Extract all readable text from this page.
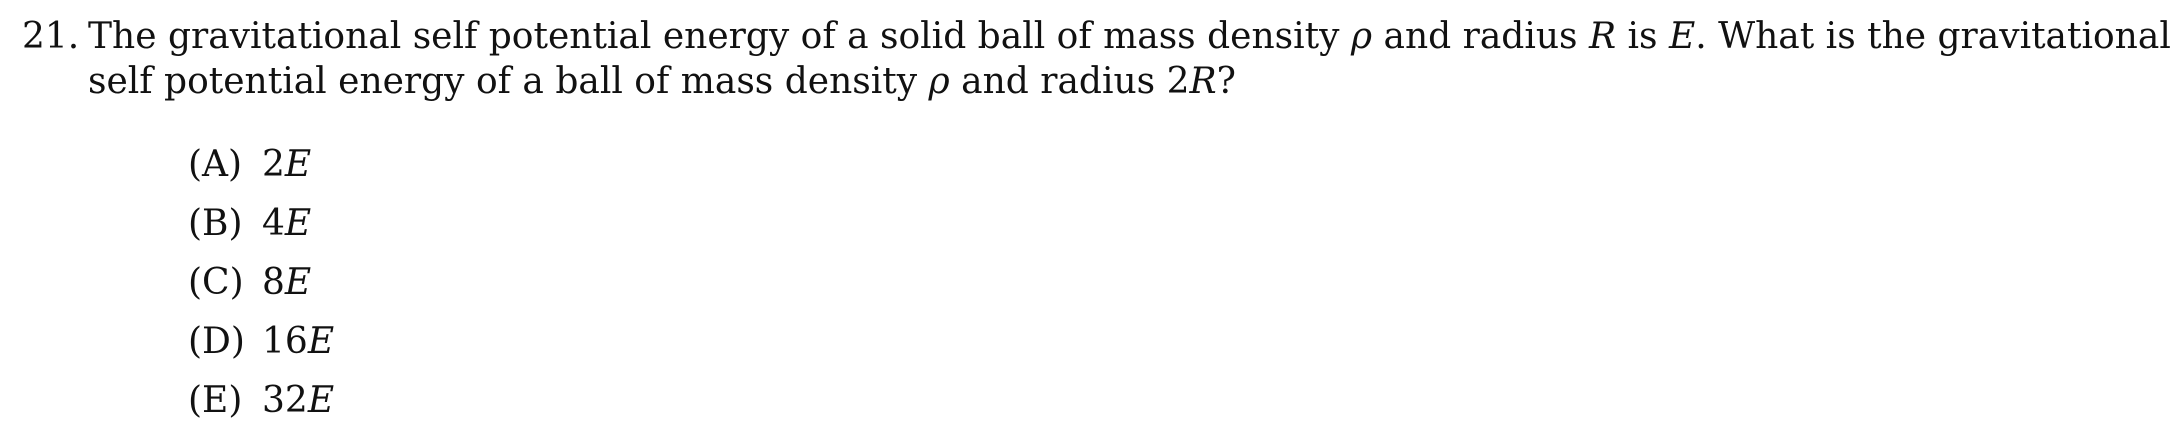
21. The gravitational self potential energy of a solid ball of mass density ρ and radius R is E. What is the gravitational
self potential energy of a ball of mass density ρ and radius 2R?
(A) 2E
(B) 4E
(C) 8E
(D) 16E
(E) 32E
